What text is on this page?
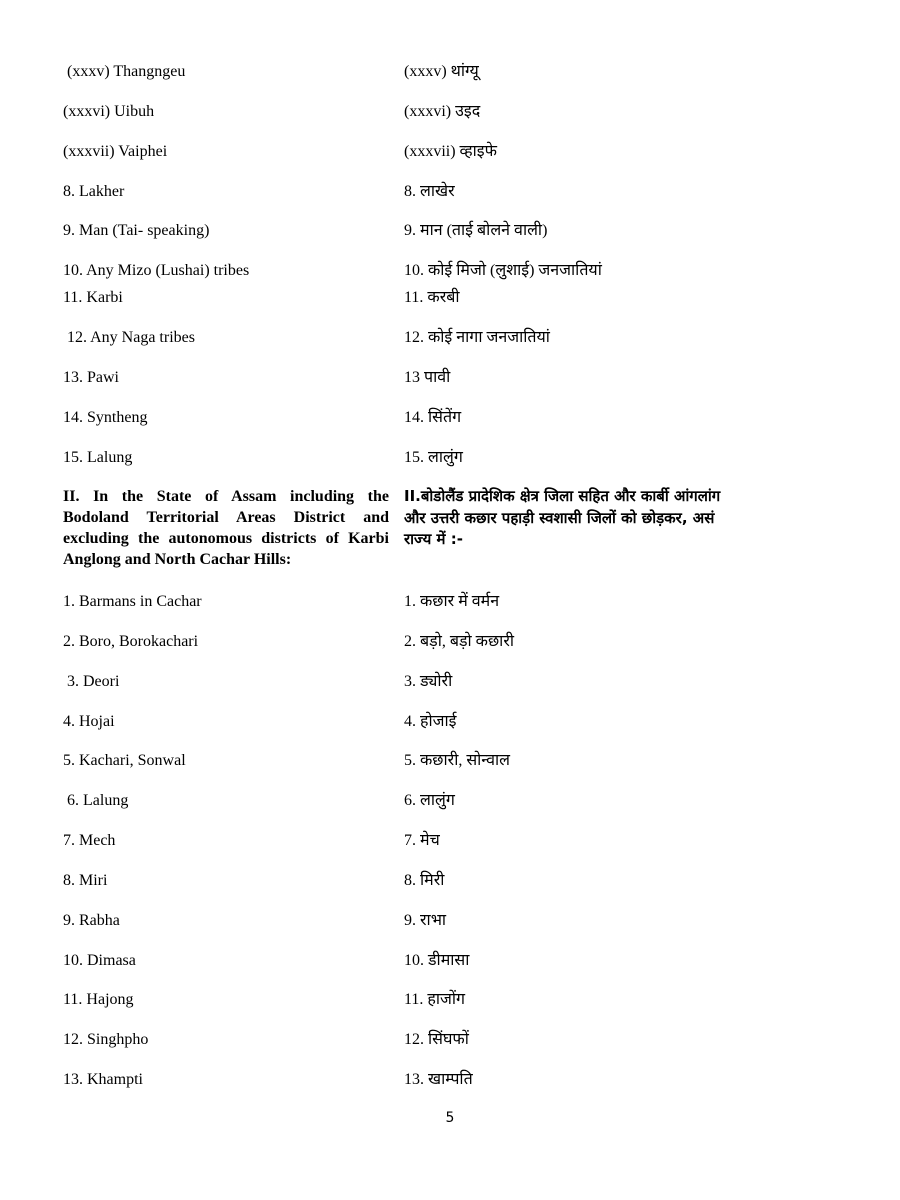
(xxxv) Thangngeu	(xxxv) थांग्यू
(xxxvi) Uibuh	(xxxvi) उइद
(xxxvii) Vaiphei	(xxxvii) व्हाइफे
8. Lakher	8. लाखेर
9. Man (Tai- speaking)	9. मान (ताई बोलने वाली)
10. Any Mizo (Lushai) tribes	10. कोई मिजो (लुशाई) जनजातियां
11. Karbi	11. करबी
12. Any Naga tribes	12. कोई नागा जनजातियां
13. Pawi	13 पावी
14. Syntheng	14. सिंतेंग
15. Lalung	15. लालुंग
II. In the State of Assam including the Bodoland Territorial Areas District and excluding the autonomous districts of Karbi Anglong and North Cachar Hills:
II.बोडोलैंड प्रादेशिक क्षेत्र जिला सहित और कार्बी आंगलांग और उत्तरी कछार पहाड़ी स्वशासी जिलों को छोड़कर, असं राज्य में :-
1. Barmans in Cachar	1. कछार में वर्मन
2. Boro, Borokachari	2. बड़ो, बड़ो कछारी
3. Deori	3. ड्योरी
4. Hojai	4. होजाई
5. Kachari, Sonwal	5. कछारी, सोन्वाल
6. Lalung	6. लालुंग
7. Mech	7. मेच
8. Miri	8. मिरी
9. Rabha	9. राभा
10. Dimasa	10. डीमासा
11. Hajong	11. हाजोंग
12. Singhpho	12. सिंघफों
13. Khampti	13. खाम्पति
5
